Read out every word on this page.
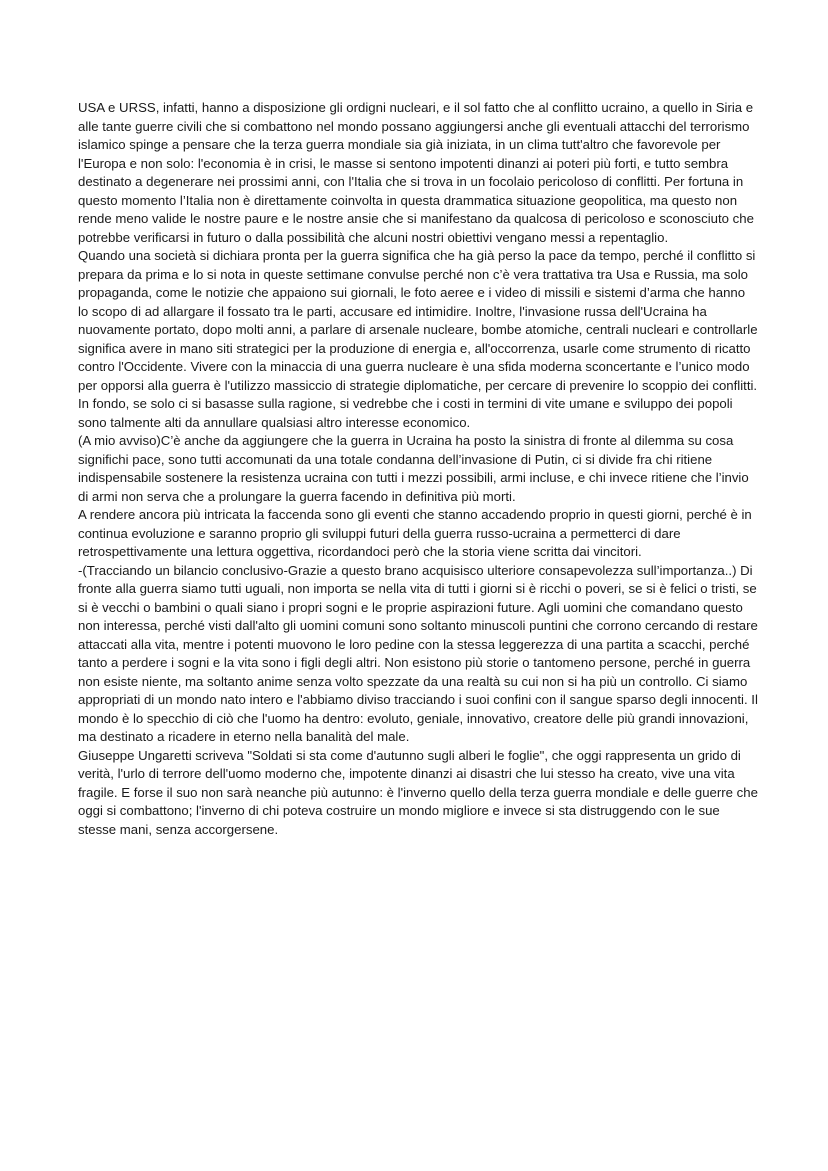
USA e URSS, infatti, hanno a disposizione gli ordigni nucleari, e il sol fatto che al conflitto ucraino, a quello in Siria e alle tante guerre civili che si combattono nel mondo possano aggiungersi anche gli eventuali attacchi del terrorismo islamico spinge a pensare che la terza guerra mondiale sia già iniziata, in un clima tutt'altro che favorevole per l'Europa e non solo: l'economia è in crisi, le masse si sentono impotenti dinanzi ai poteri più forti, e tutto sembra destinato a degenerare nei prossimi anni, con l'Italia che si trova in un focolaio pericoloso di conflitti. Per fortuna in questo momento l’Italia non è direttamente coinvolta in questa drammatica situazione geopolitica, ma questo non rende meno valide le nostre paure e le nostre ansie che si manifestano da qualcosa di pericoloso e sconosciuto che potrebbe verificarsi in futuro o dalla possibilità che alcuni nostri obiettivi vengano messi a repentaglio.

Quando una società si dichiara pronta per la guerra significa che ha già perso la pace da tempo, perché il conflitto si prepara da prima e lo si nota in queste settimane convulse perché non c’è vera trattativa tra Usa e Russia, ma solo propaganda, come le notizie che appaiono sui giornali, le foto aeree e i video di missili e sistemi d’arma che hanno lo scopo di ad allargare il fossato tra le parti, accusare ed intimidire. Inoltre, l'invasione russa dell'Ucraina ha nuovamente portato, dopo molti anni, a parlare di arsenale nucleare, bombe atomiche, centrali nucleari e controllarle significa avere in mano siti strategici per la produzione di energia e, all'occorrenza, usarle come strumento di ricatto contro l'Occidente. Vivere con la minaccia di una guerra nucleare è una sfida moderna sconcertante e l’unico modo per opporsi alla guerra è l'utilizzo massiccio di strategie diplomatiche, per cercare di prevenire lo scoppio dei conflitti. In fondo, se solo ci si basasse sulla ragione, si vedrebbe che i costi in termini di vite umane e sviluppo dei popoli sono talmente alti da annullare qualsiasi altro interesse economico.

(A mio avviso)C’è anche da aggiungere che la guerra in Ucraina ha posto la sinistra di fronte al dilemma su cosa significhi pace, sono tutti accomunati da una totale condanna dell’invasione di Putin, ci si divide fra chi ritiene indispensabile sostenere la resistenza ucraina con tutti i mezzi possibili, armi incluse, e chi invece ritiene che l’invio di armi non serva che a prolungare la guerra facendo in definitiva più morti.

A rendere ancora più intricata la faccenda sono gli eventi che stanno accadendo proprio in questi giorni, perché è in continua evoluzione e saranno proprio gli sviluppi futuri della guerra russo-ucraina a permetterci di dare retrospettivamente una lettura oggettiva, ricordandoci però che la storia viene scritta dai vincitori.

-(Tracciando un bilancio conclusivo-Grazie a questo brano acquisisco ulteriore consapevolezza sull’importanza..) Di fronte alla guerra siamo tutti uguali, non importa se nella vita di tutti i giorni si è ricchi o poveri, se si è felici o tristi, se si è vecchi o bambini o quali siano i propri sogni e le proprie aspirazioni future. Agli uomini che comandano questo non interessa, perché visti dall'alto gli uomini comuni sono soltanto minuscoli puntini che corrono cercando di restare attaccati alla vita, mentre i potenti muovono le loro pedine con la stessa leggerezza di una partita a scacchi, perché tanto a perdere i sogni e la vita sono i figli degli altri. Non esistono più storie o tantomeno persone, perché in guerra non esiste niente, ma soltanto anime senza volto spezzate da una realtà su cui non si ha più un controllo. Ci siamo appropriati di un mondo nato intero e l'abbiamo diviso tracciando i suoi confini con il sangue sparso degli innocenti. Il mondo è lo specchio di ciò che l'uomo ha dentro: evoluto, geniale, innovativo, creatore delle più grandi innovazioni, ma destinato a ricadere in eterno nella banalità del male.

Giuseppe Ungaretti scriveva "Soldati si sta come d'autunno sugli alberi le foglie", che oggi rappresenta un grido di verità, l'urlo di terrore dell'uomo moderno che, impotente dinanzi ai disastri che lui stesso ha creato, vive una vita fragile. E forse il suo non sarà neanche più autunno: è l'inverno quello della terza guerra mondiale e delle guerre che oggi si combattono; l'inverno di chi poteva costruire un mondo migliore e invece si sta distruggendo con le sue stesse mani, senza accorgersene.
